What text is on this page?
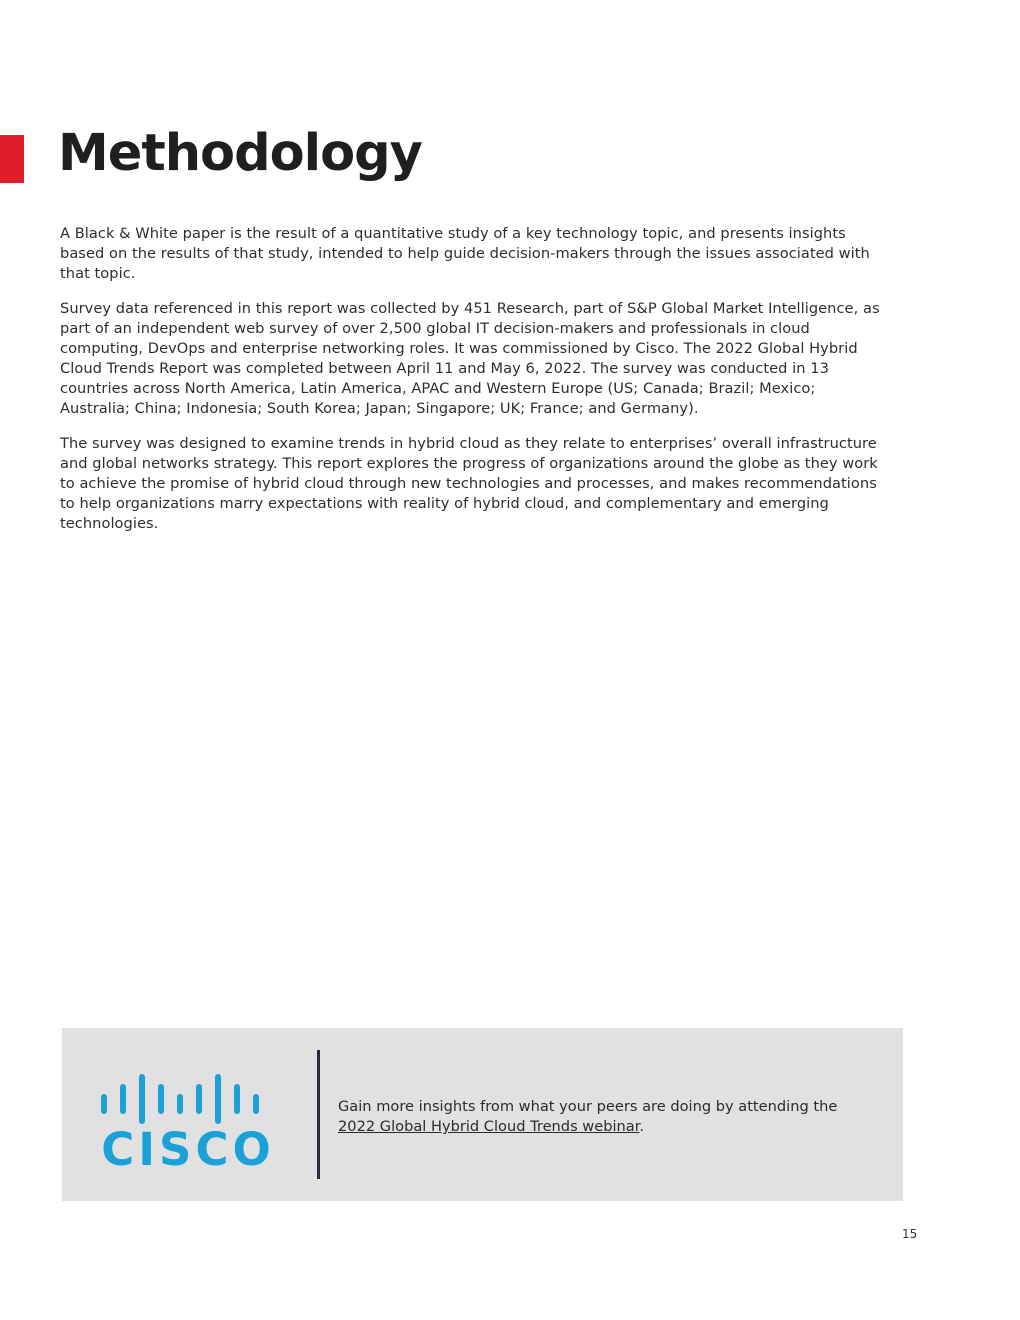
Methodology

A Black & White paper is the result of a quantitative study of a key technology topic, and presents insights based on the results of that study, intended to help guide decision-makers through the issues associated with that topic.

Survey data referenced in this report was collected by 451 Research, part of S&P Global Market Intelligence, as part of an independent web survey of over 2,500 global IT decision-makers and professionals in cloud computing, DevOps and enterprise networking roles. It was commissioned by Cisco. The 2022 Global Hybrid Cloud Trends Report was completed between April 11 and May 6, 2022. The survey was conducted in 13 countries across North America, Latin America, APAC and Western Europe (US; Canada; Brazil; Mexico; Australia; China; Indonesia; South Korea; Japan; Singapore; UK; France; and Germany).

The survey was designed to examine trends in hybrid cloud as they relate to enterprises’ overall infrastructure and global networks strategy. This report explores the progress of organizations around the globe as they work to achieve the promise of hybrid cloud through new technologies and processes, and makes recommendations to help organizations marry expectations with reality of hybrid cloud, and complementary and emerging technologies.

CISCO
Gain more insights from what your peers are doing by attending the
2022 Global Hybrid Cloud Trends webinar.
15
